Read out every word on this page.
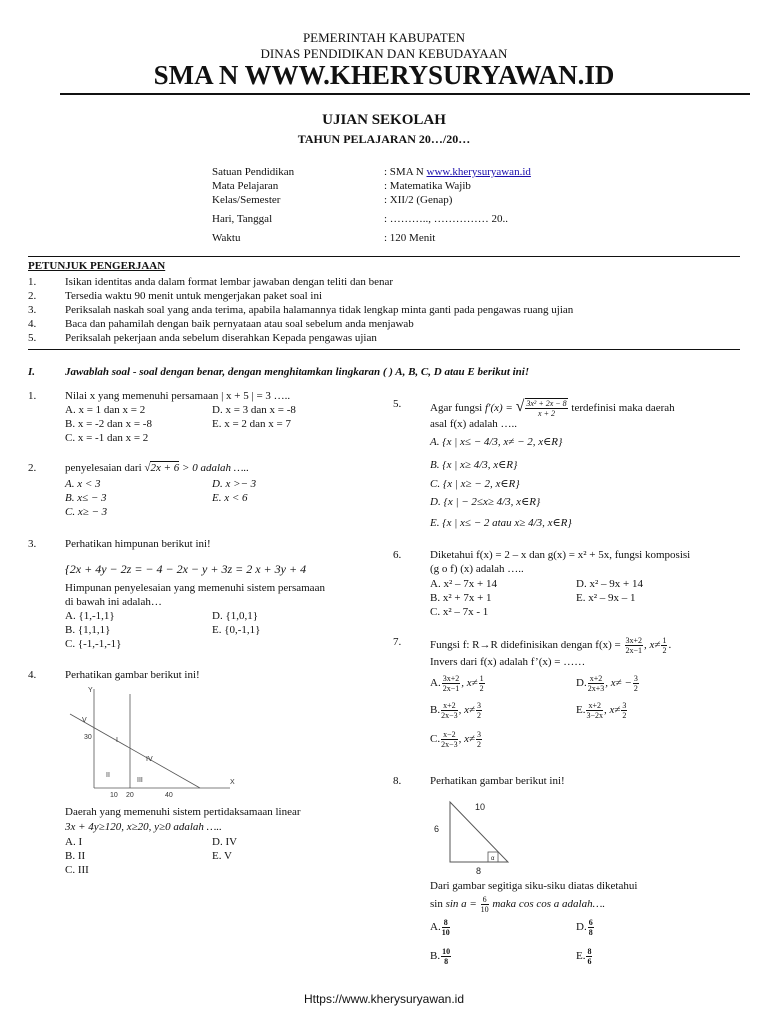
PEMERINTAH KABUPATEN
DINAS PENDIDIKAN DAN KEBUDAYAAN
SMA N WWW.KHERYSURYAWAN.ID
UJIAN SEKOLAH
TAHUN PELAJARAN 20…/20…
Satuan Pendidikan	: SMA N www.kherysuryawan.id
Mata Pelajaran	: Matematika Wajib
Kelas/Semester	: XII/2 (Genap)
Hari, Tanggal	: ……….., …………… 20..
Waktu	: 120 Menit
PETUNJUK PENGERJAAN
1.	Isikan identitas anda dalam format lembar jawaban dengan teliti dan benar
2.	Tersedia waktu 90 menit untuk mengerjakan paket soal ini
3.	Periksalah naskah soal yang anda terima, apabila halamannya tidak lengkap minta ganti pada pengawas ruang ujian
4.	Baca dan pahamilah dengan baik pernyataan atau soal sebelum anda menjawab
5.	Periksalah pekerjaan anda sebelum diserahkan Kepada pengawas ujian
I.	Jawablah soal - soal dengan benar, dengan menghitamkan lingkaran ( ) A, B, C, D atau E berikut ini!
1.	Nilai x yang memenuhi persamaan | x + 5 | = 3 …..
A. x = 1 dan x = 2
B. x = -2 dan x = -8
C. x = -1 dan x = 2
D. x = 3 dan x = -8
E. x = 2 dan x = 7
2.	penyelesaian dari √2x + 6 > 0 adalah …..
A. x < 3
B. x≤ − 3
C. x≥ − 3
D. x >− 3
E. x < 6
3.	Perhatikan himpunan berikut ini!
{2x + 4y − 2z = − 4 − 2x − y + 3z = 2 x + 3y + 4
Himpunan penyelesaian yang memenuhi sistem persamaan
di bawah ini adalah…
A. {1,-1,1}
B. {1,1,1}
C. {-1,-1,-1}
D. {1,0,1}
E. {0,-1,1}
4.	Perhatikan gambar berikut ini!
Y
X
30
10 20	40
I
II
III
IV
V
Daerah yang memenuhi sistem pertidaksamaan linear
3x + 4y≥120, x≥20, y≥0 adalah …..
A. I
B. II
C. III
D. IV
E. V
5.	Agar fungsi f′(x) = √ $\frac{\text{3x² + 2x − 8}}{x + 2}$ terdefinisi maka daerah
asal f(x) adalah …..
A. {x | x≤ − 4/3, x≠ − 2, x∈R}
B. {x | x≥ 4/3, x∈R}
C. {x | x≥ − 2, x∈R}
D. {x | − 2≤x≥ 4/3, x∈R}
E. {x | x≤ − 2 atau x≥ 4/3, x∈R}
6.	Diketahui f(x) = 2 – x dan g(x) = x² + 5x, fungsi komposisi
(g o f) (x) adalah …..
A. x² – 7x + 14
B. x² + 7x + 1
C. x² – 7x - 1
D. x² – 9x + 14
E. x² – 9x – 1
7.	Fungsi f: R→R didefinisikan dengan $f(x) = \frac{3x+2}{2x-1}$ , $x\ne \frac{1}{2}$ .
Invers dari f(x) adalah f’(x) = ……
A. $\frac{3x+2}{2x-1}$ , $x\ne \frac{1}{2}$
B. $\frac{x+2}{2x-3}$ , $x\ne \frac{3}{2}$
C. $\frac{x-2}{2x-3}$ , $x\ne \frac{3}{2}$
D. $\frac{x+2}{2x+3}$ , $x\ne - \frac{3}{2}$
E. $\frac{x+2}{3-2x}$ , $x\ne \frac{3}{2}$
8.	Perhatikan gambar berikut ini!
10
6
8
α
Dari gambar segitiga siku-siku diatas diketahui
$\sin \sin a = \frac{6}{10}$ maka cos cos a adalah….
A. $\frac{8}{10}$
B. $\frac{10}{8}$
D. $\frac{6}{8}$
E. $\frac{8}{6}$
Https://www.kherysuryawan.id
